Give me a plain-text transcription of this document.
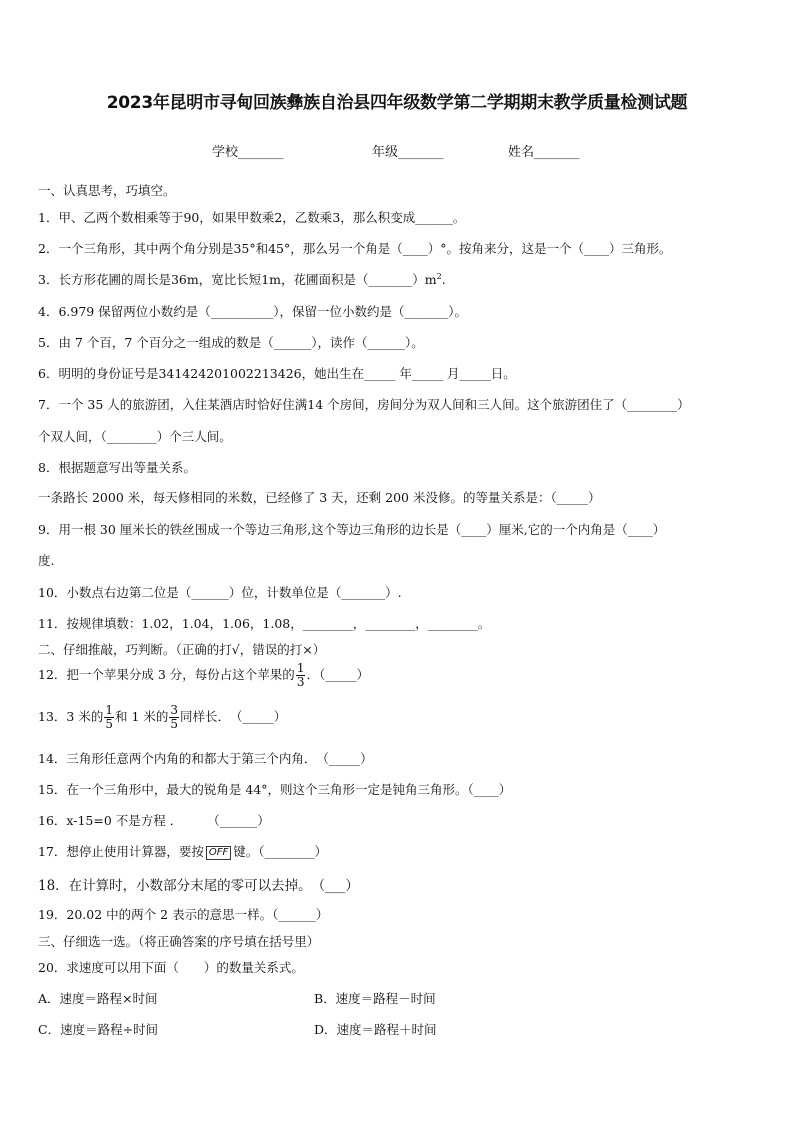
2023年昆明市寻甸回族彝族自治县四年级数学第二学期期末教学质量检测试题
学校_______	年级_______	姓名_______
一、认真思考，巧填空。
1．甲、乙两个数相乘等于90，如果甲数乘2，乙数乘3，那么积变成______。
2．一个三角形，其中两个角分别是35°和45°，那么另一个角是（____）°。按角来分，这是一个（____）三角形。
3．长方形花圃的周长是36m，宽比长短1m，花圃面积是$(\_\_\_\_\_\_\_)m^2$.
4．6.979 保留两位小数约是（__________），保留一位小数约是（_______）。
5．由 7 个百，7 个百分之一组成的数是（______），读作（______）。
6．明明的身份证号是341424201002213426，她出生在_____ 年_____ 月_____日。
7．一个 35 人的旅游团，入住某酒店时恰好住满14 个房间，房间分为双人间和三人间。这个旅游团住了（________）
个双人间，（________）个三人间。
8．根据题意写出等量关系。
一条路长 2000 米，每天修相同的米数，已经修了 3 天，还剩 200 米没修。的等量关系是：（_____）
9．用一根 30 厘米长的铁丝围成一个等边三角形,这个等边三角形的边长是（____）厘米,它的一个内角是（____）
度.
10．小数点右边第二位是（______）位，计数单位是（_______）.
11．按规律填数：1.02，1.04，1.06，1.08，________，________，________。
二、仔细推敲，巧判断。（正确的打√，错误的打×）
12．把一个苹果分成 3 分，每份占这个苹果的 $\frac{1}{3}$ ．（_____）
13．3 米的 $\frac{1}{5}$ 和 1 米的 $\frac{3}{5}$ 同样长．　（_____）
14．三角形任意两个内角的和都大于第三个内角．　（_____）
15．在一个三角形中，最大的锐角是 44°，则这个三角形一定是钝角三角形。（____）
16．x-15=0 不是方程 ．　　　（______）
17．想停止使用计算器，要按 OFF 键。（________）
18．在计算时，小数部分末尾的零可以去掉。　（___）
19．20.02 中的两个 2 表示的意思一样。（______）
三、仔细选一选。（将正确答案的序号填在括号里）
20．求速度可以用下面（　　）的数量关系式。
A．速度＝路程×时间	B．速度＝路程－时间
C．速度＝路程÷时间	D．速度＝路程＋时间
